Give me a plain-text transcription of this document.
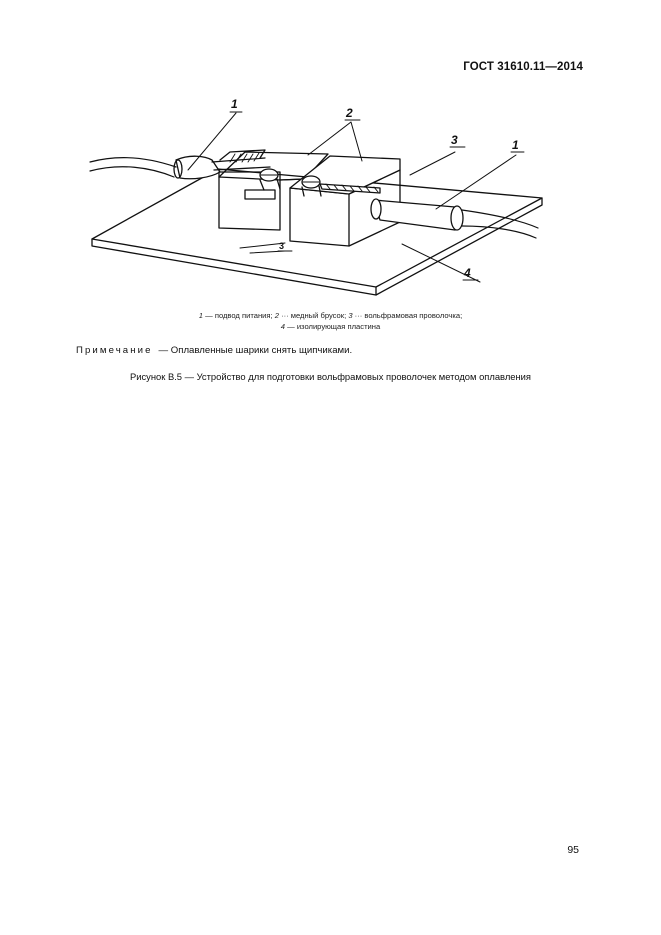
ГОСТ 31610.11—2014
1
2
3	1
4
3
1 — подвод питания; 2 ··· медный брусок; 3 ··· вольфрамовая проволочка;
4 — изолирующая пластина
Примечание — Оплавленные шарики снять щипчиками.
Рисунок В.5 — Устройство для подготовки вольфрамовых проволочек методом оплавления
95
